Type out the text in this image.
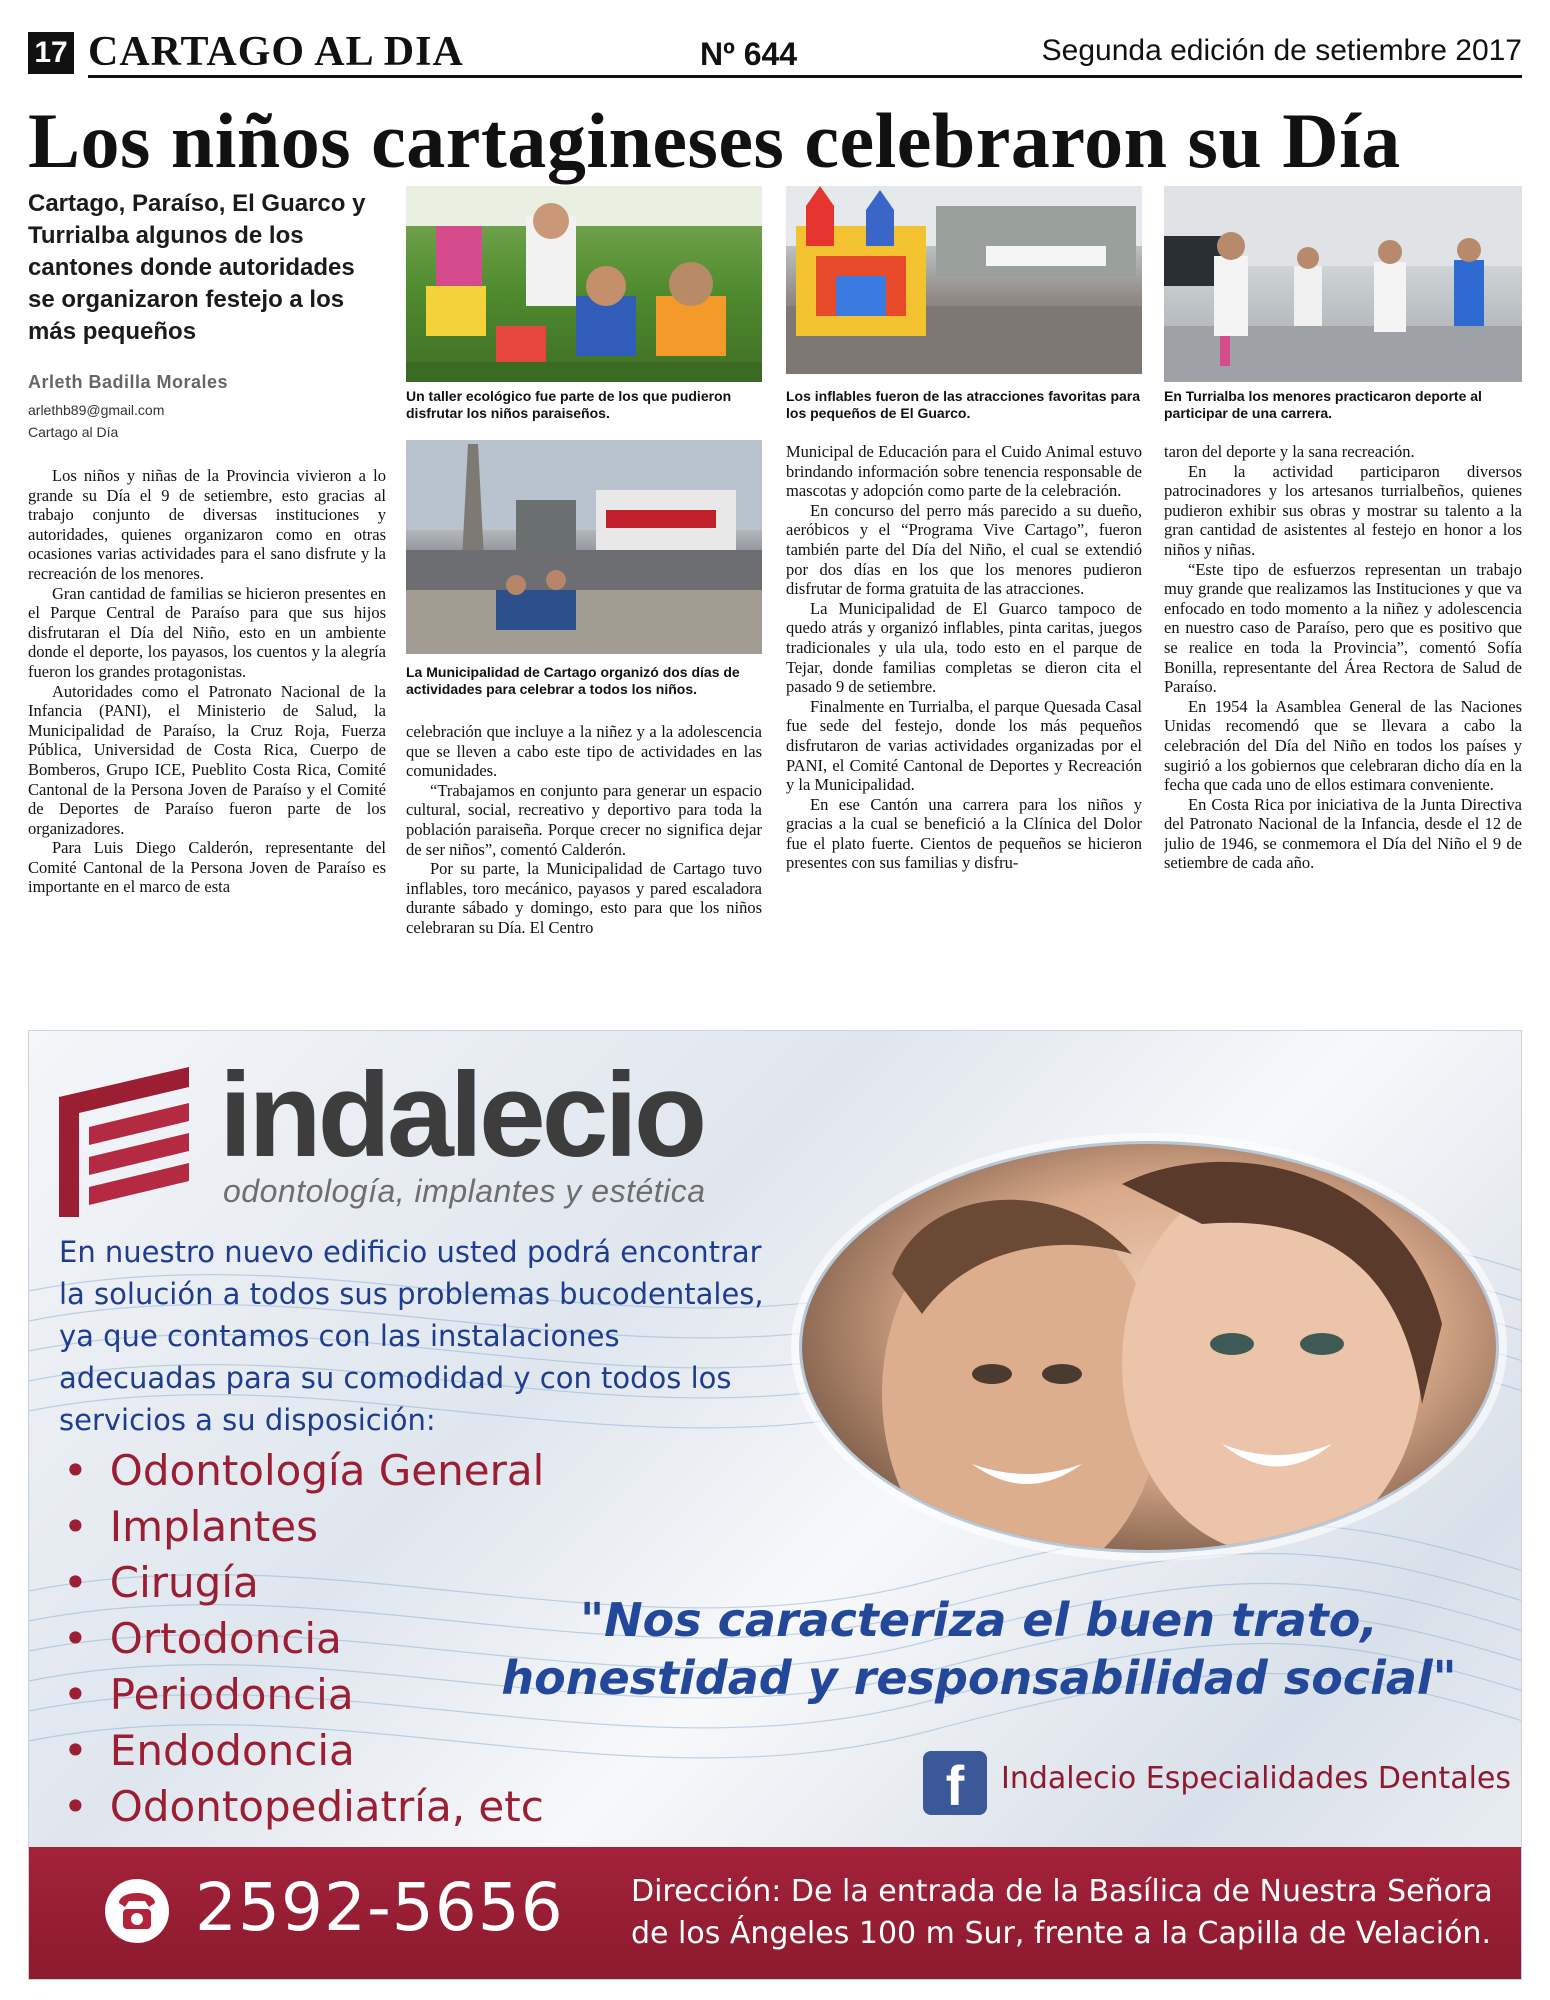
17 CARTAGO AL DIA	Nº 644	Segunda edición de setiembre 2017
Los niños cartagineses celebraron su Día
Cartago, Paraíso, El Guarco y Turrialba algunos de los cantones donde autoridades se organizaron festejo a los más pequeños
Arleth Badilla Morales
arlethb89@gmail.com
Cartago al Día

Los niños y niñas de la Provincia vivieron a lo grande su Día el 9 de setiembre, esto gracias al trabajo conjunto de diversas instituciones y autoridades, quienes organizaron como en otras ocasiones varias actividades para el sano disfrute y la recreación de los menores.

Gran cantidad de familias se hicieron presentes en el Parque Central de Paraíso para que sus hijos disfrutaran el Día del Niño, esto en un ambiente donde el deporte, los payasos, los cuentos y la alegría fueron los grandes protagonistas.

Autoridades como el Patronato Nacional de la Infancia (PANI), el Ministerio de Salud, la Municipalidad de Paraíso, la Cruz Roja, Fuerza Pública, Universidad de Costa Rica, Cuerpo de Bomberos, Grupo ICE, Pueblito Costa Rica, Comité Cantonal de la Persona Joven de Paraíso y el Comité de Deportes de Paraíso fueron parte de los organizadores.

Para Luis Diego Calderón, representante del Comité Cantonal de la Persona Joven de Paraíso es importante en el marco de esta

celebración que incluye a la niñez y a la adolescencia que se lleven a cabo este tipo de actividades en las comunidades.

“Trabajamos en conjunto para generar un espacio cultural, social, recreativo y deportivo para toda la población paraiseña. Porque crecer no significa dejar de ser niños”, comentó Calderón.

Por su parte, la Municipalidad de Cartago tuvo inflables, toro mecánico, payasos y pared escaladora durante sábado y domingo, esto para que los niños celebraran su Día. El Centro

Municipal de Educación para el Cuido Animal estuvo brindando información sobre tenencia responsable de mascotas y adopción como parte de la celebración.

En concurso del perro más parecido a su dueño, aeróbicos y el “Programa Vive Cartago”, fueron también parte del Día del Niño, el cual se extendió por dos días en los que los menores pudieron disfrutar de forma gratuita de las atracciones.

La Municipalidad de El Guarco tampoco de quedo atrás y organizó inflables, pinta caritas, juegos tradicionales y ula ula, todo esto en el parque de Tejar, donde familias completas se dieron cita el pasado 9 de setiembre.

Finalmente en Turrialba, el parque Quesada Casal fue sede del festejo, donde los más pequeños disfrutaron de varias actividades organizadas por el PANI, el Comité Cantonal de Deportes y Recreación y la Municipalidad.

En ese Cantón una carrera para los niños y gracias a la cual se benefició a la Clínica del Dolor fue el plato fuerte. Cientos de pequeños se hicieron presentes con sus familias y disfru-

taron del deporte y la sana recreación.

En la actividad participaron diversos patrocinadores y los artesanos turrialbeños, quienes pudieron exhibir sus obras y mostrar su talento a la gran cantidad de asistentes al festejo en honor a los niños y niñas.

“Este tipo de esfuerzos representan un trabajo muy grande que realizamos las Instituciones y que va enfocado en todo momento a la niñez y adolescencia en nuestro caso de Paraíso, pero que es positivo que se realice en toda la Provincia”, comentó Sofía Bonilla, representante del Área Rectora de Salud de Paraíso.

En 1954 la Asamblea General de las Naciones Unidas recomendó que se llevara a cabo la celebración del Día del Niño en todos los países y sugirió a los gobiernos que celebraran dicho día en la fecha que cada uno de ellos estimara conveniente.

En Costa Rica por iniciativa de la Junta Directiva del Patronato Nacional de la Infancia, desde el 12 de julio de 1946, se conmemora el Día del Niño el 9 de setiembre de cada año.

Un taller ecológico fue parte de los que pudieron disfrutar los niños paraiseños.
La Municipalidad de Cartago organizó dos días de actividades para celebrar a todos los niños.
Los inflables fueron de las atracciones favoritas para los pequeños de El Guarco.
En Turrialba los menores practicaron deporte al participar de una carrera.
indalecio
odontología, implantes y estética
En nuestro nuevo edificio usted podrá encontrar la solución a todos sus problemas bucodentales, ya que contamos con las instalaciones adecuadas para su comodidad y con todos los servicios a su disposición:
• Odontología General
• Implantes
• Cirugía
• Ortodoncia
• Periodoncia
• Endodoncia
• Odontopediatría, etc
"Nos caracteriza el buen trato,
honestidad y responsabilidad social"
f	Indalecio Especialidades Dentales
2592-5656 Dirección: De la entrada de la Basílica de Nuestra Señora
de los Ángeles 100 m Sur, frente a la Capilla de Velación.
